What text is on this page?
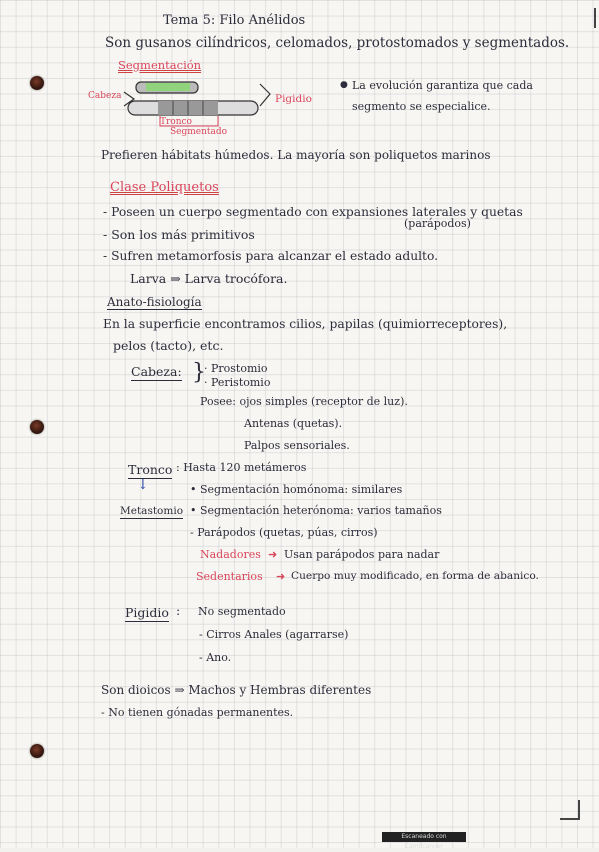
Tema 5: Filo Anélidos
Son gusanos cilíndricos, celomados, protostomados y segmentados.
Segmentación
Cabeza	Pigidio
Tronco
Segmentado
● La evolución garantiza que cada
segmento se especialice.
Prefieren hábitats húmedos. La mayoría son poliquetos marinos
Clase Poliquetos
- Poseen un cuerpo segmentado con expansiones laterales y quetas
(parápodos)
- Son los más primitivos
- Sufren metamorfosis para alcanzar el estado adulto.
Larva ⇒ Larva trocófora.
Anato-fisiología
En la superficie encontramos cilios, papilas (quimiorreceptores),
pelos (tacto), etc.
Cabeza: }
· Prostomio
· Peristomio
Posee: ojos simples (receptor de luz).
Antenas (quetas).
Palpos sensoriales.
Tronco : Hasta 120 metámeros
↓
Metastomio
• Segmentación homónoma: similares
• Segmentación heterónoma: varios tamaños
- Parápodos (quetas, púas, cirros)
Nadadores ➜ Usan parápodos para nadar
Sedentarios ➜ Cuerpo muy modificado, en forma de abanico.
Pigidio : No segmentado
- Cirros Anales (agarrarse)
- Ano.
Son dioicos ⇒ Machos y Hembras diferentes
- No tienen gónadas permanentes.
Escaneado con CamScanner
